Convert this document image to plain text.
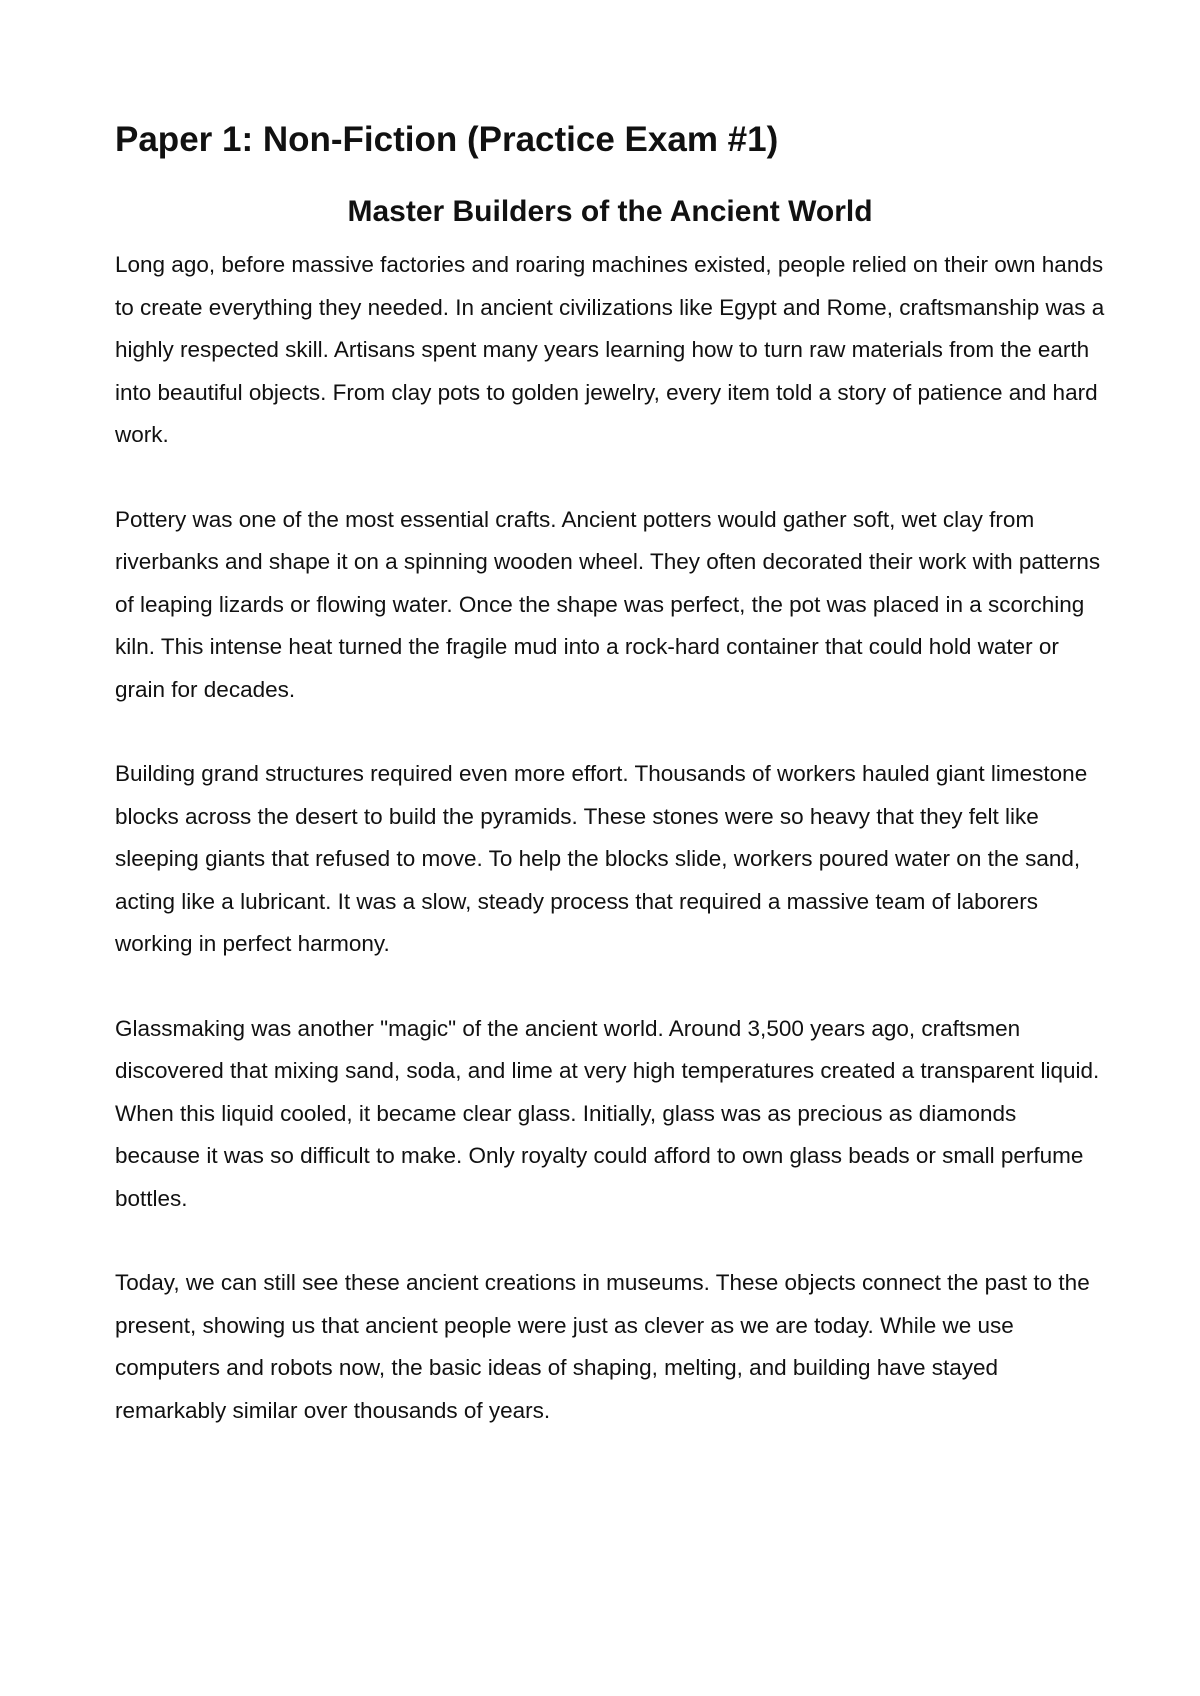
Paper 1: Non-Fiction (Practice Exam #1)
Master Builders of the Ancient World

Long ago, before massive factories and roaring machines existed, people relied on their own hands to create everything they needed. In ancient civilizations like Egypt and Rome, craftsmanship was a highly respected skill. Artisans spent many years learning how to turn raw materials from the earth into beautiful objects. From clay pots to golden jewelry, every item told a story of patience and hard work.

Pottery was one of the most essential crafts. Ancient potters would gather soft, wet clay from riverbanks and shape it on a spinning wooden wheel. They often decorated their work with patterns of leaping lizards or flowing water. Once the shape was perfect, the pot was placed in a scorching kiln. This intense heat turned the fragile mud into a rock-hard container that could hold water or grain for decades.

Building grand structures required even more effort. Thousands of workers hauled giant limestone blocks across the desert to build the pyramids. These stones were so heavy that they felt like sleeping giants that refused to move. To help the blocks slide, workers poured water on the sand, acting like a lubricant. It was a slow, steady process that required a massive team of laborers working in perfect harmony.

Glassmaking was another "magic" of the ancient world. Around 3,500 years ago, craftsmen discovered that mixing sand, soda, and lime at very high temperatures created a transparent liquid. When this liquid cooled, it became clear glass. Initially, glass was as precious as diamonds because it was so difficult to make. Only royalty could afford to own glass beads or small perfume bottles.

Today, we can still see these ancient creations in museums. These objects connect the past to the present, showing us that ancient people were just as clever as we are today. While we use computers and robots now, the basic ideas of shaping, melting, and building have stayed remarkably similar over thousands of years.
